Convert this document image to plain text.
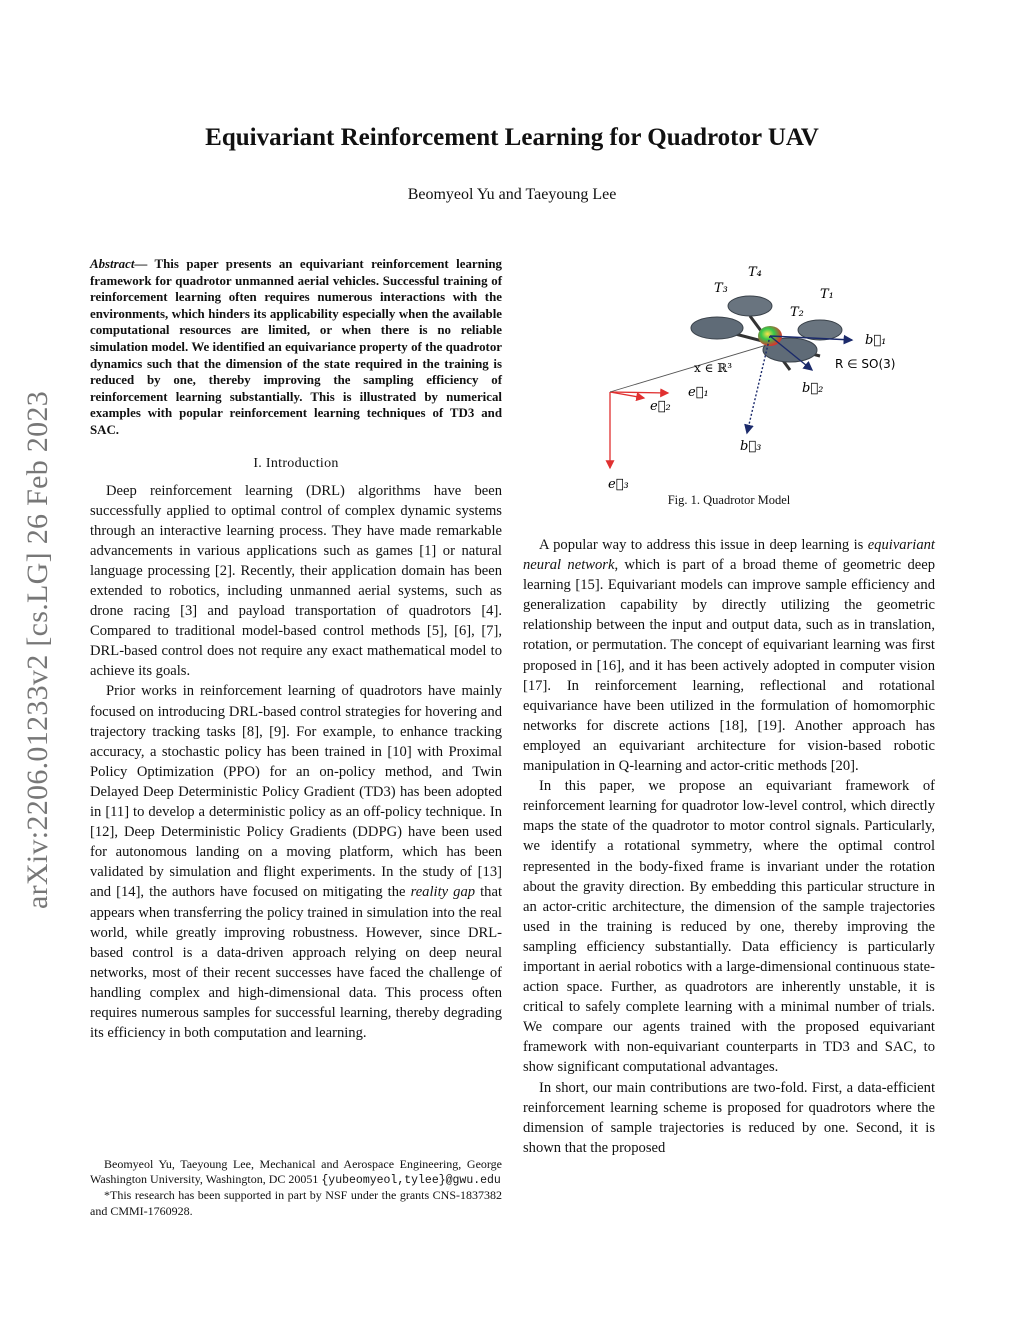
arXiv:2206.01233v2 [cs.LG] 26 Feb 2023
Equivariant Reinforcement Learning for Quadrotor UAV
Beomyeol Yu and Taeyoung Lee

Abstract— This paper presents an equivariant reinforcement learning framework for quadrotor unmanned aerial vehicles. Successful training of reinforcement learning often requires numerous interactions with the environments, which hinders its applicability especially when the available computational resources are limited, or when there is no reliable simulation model. We identified an equivariance property of the quadrotor dynamics such that the dimension of the state required in the training is reduced by one, thereby improving the sampling efficiency of reinforcement learning substantially. This is illustrated by numerical examples with popular reinforcement learning techniques of TD3 and SAC.

I. Introduction

Deep reinforcement learning (DRL) algorithms have been successfully applied to optimal control of complex dynamic systems through an interactive learning process. They have made remarkable advancements in various applications such as games [1] or natural language processing [2]. Recently, their application domain has been extended to robotics, including unmanned aerial systems, such as drone racing [3] and payload transportation of quadrotors [4]. Compared to traditional model-based control methods [5], [6], [7], DRL-based control does not require any exact mathematical model to achieve its goals.

Prior works in reinforcement learning of quadrotors have mainly focused on introducing DRL-based control strategies for hovering and trajectory tracking tasks [8], [9]. For example, to enhance tracking accuracy, a stochastic policy has been trained in [10] with Proximal Policy Optimization (PPO) for an on-policy method, and Twin Delayed Deep Deterministic Policy Gradient (TD3) has been adopted in [11] to develop a deterministic policy as an off-policy technique. In [12], Deep Deterministic Policy Gradients (DDPG) have been used for autonomous landing on a moving platform, which has been validated by simulation and flight experiments. In the study of [13] and [14], the authors have focused on mitigating the reality gap that appears when transferring the policy trained in simulation into the real world, while greatly improving robustness. However, since DRL-based control is a data-driven approach relying on deep neural networks, most of their recent successes have faced the challenge of handling complex and high-dimensional data. This process often requires numerous samples for successful learning, thereby degrading its efficiency in both computation and learning.

Beomyeol Yu, Taeyoung Lee, Mechanical and Aerospace Engineering, George Washington University, Washington, DC 20051 {yubeomyeol,tylee}@gwu.edu

*This research has been supported in part by NSF under the grants CNS-1837382 and CMMI-1760928.

T₄
T₃
T₂
T₁
b⃗₁
b⃗₂
b⃗₃
e⃗₁
e⃗₂
e⃗₃
x ∈ ℝ³	R ∈ SO(3)
Fig. 1. Quadrotor Model

A popular way to address this issue in deep learning is equivariant neural network, which is part of a broad theme of geometric deep learning [15]. Equivariant models can improve sample efficiency and generalization capability by directly utilizing the geometric relationship between the input and output data, such as in translation, rotation, or permutation. The concept of equivariant learning was first proposed in [16], and it has been actively adopted in computer vision [17]. In reinforcement learning, reflectional and rotational equivariance have been utilized in the formulation of homomorphic networks for discrete actions [18], [19]. Another approach has employed an equivariant architecture for vision-based robotic manipulation in Q-learning and actor-critic methods [20].

In this paper, we propose an equivariant framework of reinforcement learning for quadrotor low-level control, which directly maps the state of the quadrotor to motor control signals. Particularly, we identify a rotational symmetry, where the optimal control represented in the body-fixed frame is invariant under the rotation about the gravity direction. By embedding this particular structure in an actor-critic architecture, the dimension of the sample trajectories used in the training is reduced by one, thereby improving the sampling efficiency substantially. Data efficiency is particularly important in aerial robotics with a large-dimensional continuous state-action space. Further, as quadrotors are inherently unstable, it is critical to safely complete learning with a minimal number of trials. We compare our agents trained with the proposed equivariant framework with non-equivariant counterparts in TD3 and SAC, to show significant computational advantages.

In short, our main contributions are two-fold. First, a data-efficient reinforcement learning scheme is proposed for quadrotors where the dimension of sample trajectories is reduced by one. Second, it is shown that the proposed
